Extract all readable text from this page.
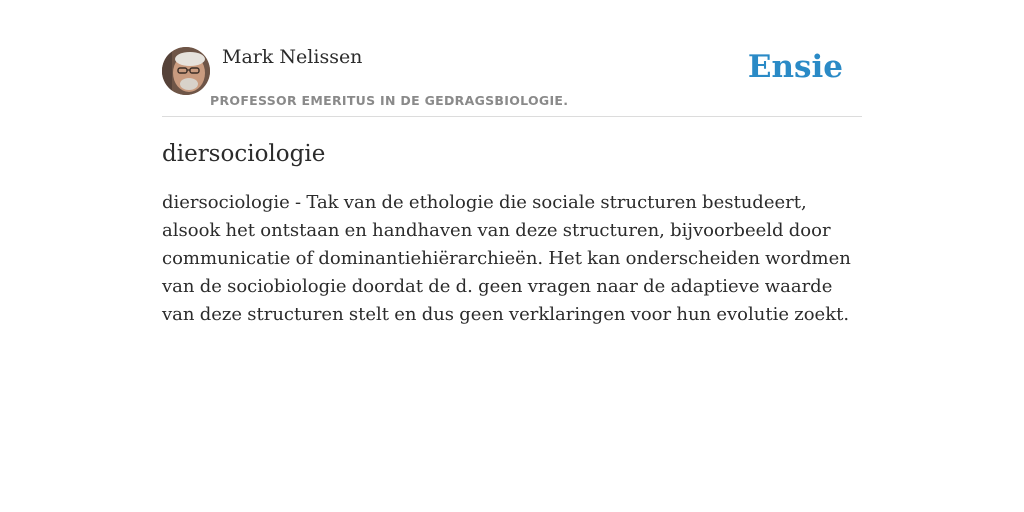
Mark Nelissen
PROFESSOR EMERITUS IN DE GEDRAGSBIOLOGIE.
Ensie
diersociologie

diersociologie - Tak van de ethologie die sociale structuren bestudeert, alsook het ontstaan en handhaven van deze structuren, bijvoorbeeld door communicatie of dominantiehiërarchieën. Het kan onderscheiden wordmen van de sociobiologie doordat de d. geen vragen naar de adaptieve waarde van deze structuren stelt en dus geen verklaringen voor hun evolutie zoekt.
